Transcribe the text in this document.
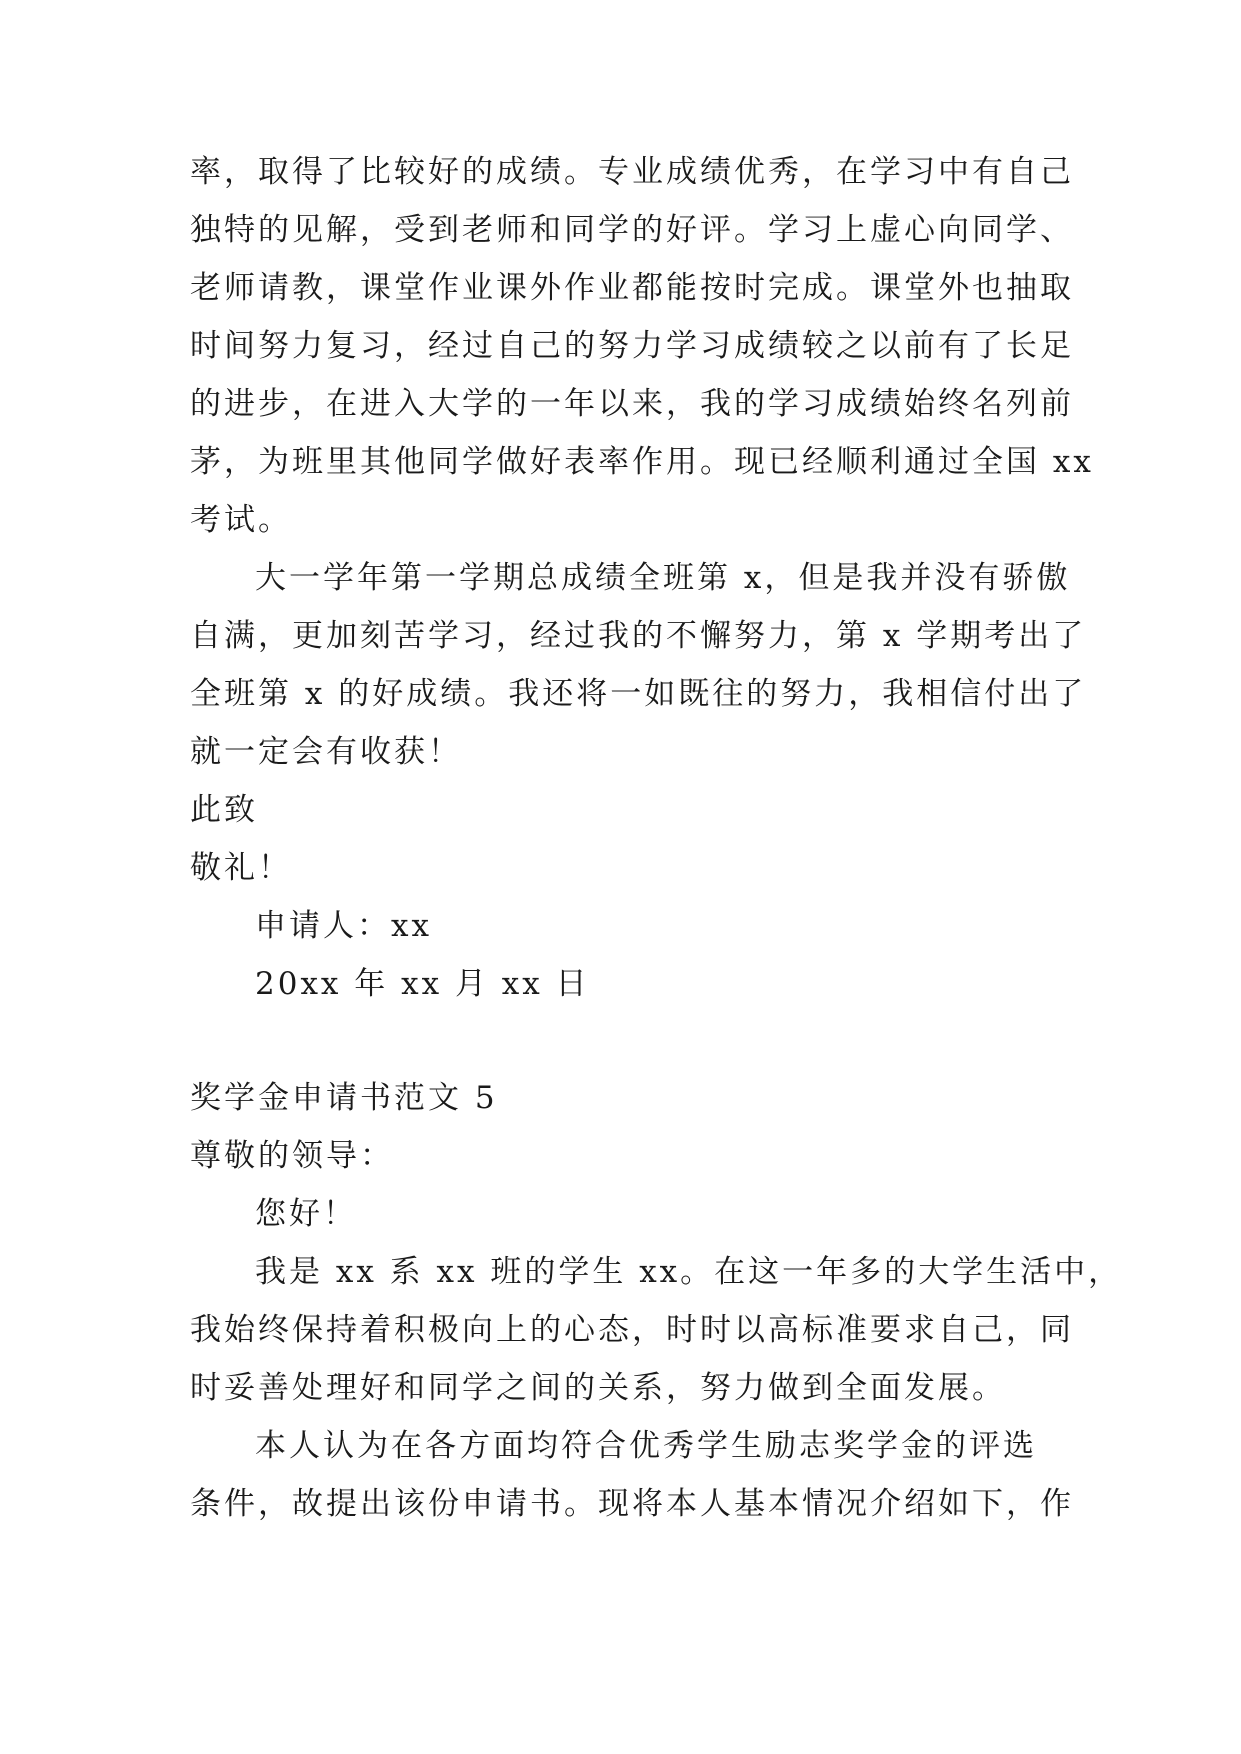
率，取得了比较好的成绩。专业成绩优秀，在学习中有自己
独特的见解，受到老师和同学的好评。学习上虚心向同学、
老师请教，课堂作业课外作业都能按时完成。课堂外也抽取
时间努力复习，经过自己的努力学习成绩较之以前有了长足
的进步，在进入大学的一年以来，我的学习成绩始终名列前
茅，为班里其他同学做好表率作用。现已经顺利通过全国 xx
考试。
大一学年第一学期总成绩全班第 x，但是我并没有骄傲
自满，更加刻苦学习，经过我的不懈努力，第 x 学期考出了
全班第 x 的好成绩。我还将一如既往的努力，我相信付出了
就一定会有收获！
此致
敬礼！
申请人：xx
20xx 年 xx 月 xx 日
奖学金申请书范文 5
尊敬的领导：
您好！
我是 xx 系 xx 班的学生 xx。在这一年多的大学生活中，
我始终保持着积极向上的心态，时时以高标准要求自己，同
时妥善处理好和同学之间的关系，努力做到全面发展。
本人认为在各方面均符合优秀学生励志奖学金的评选
条件，故提出该份申请书。现将本人基本情况介绍如下，作
